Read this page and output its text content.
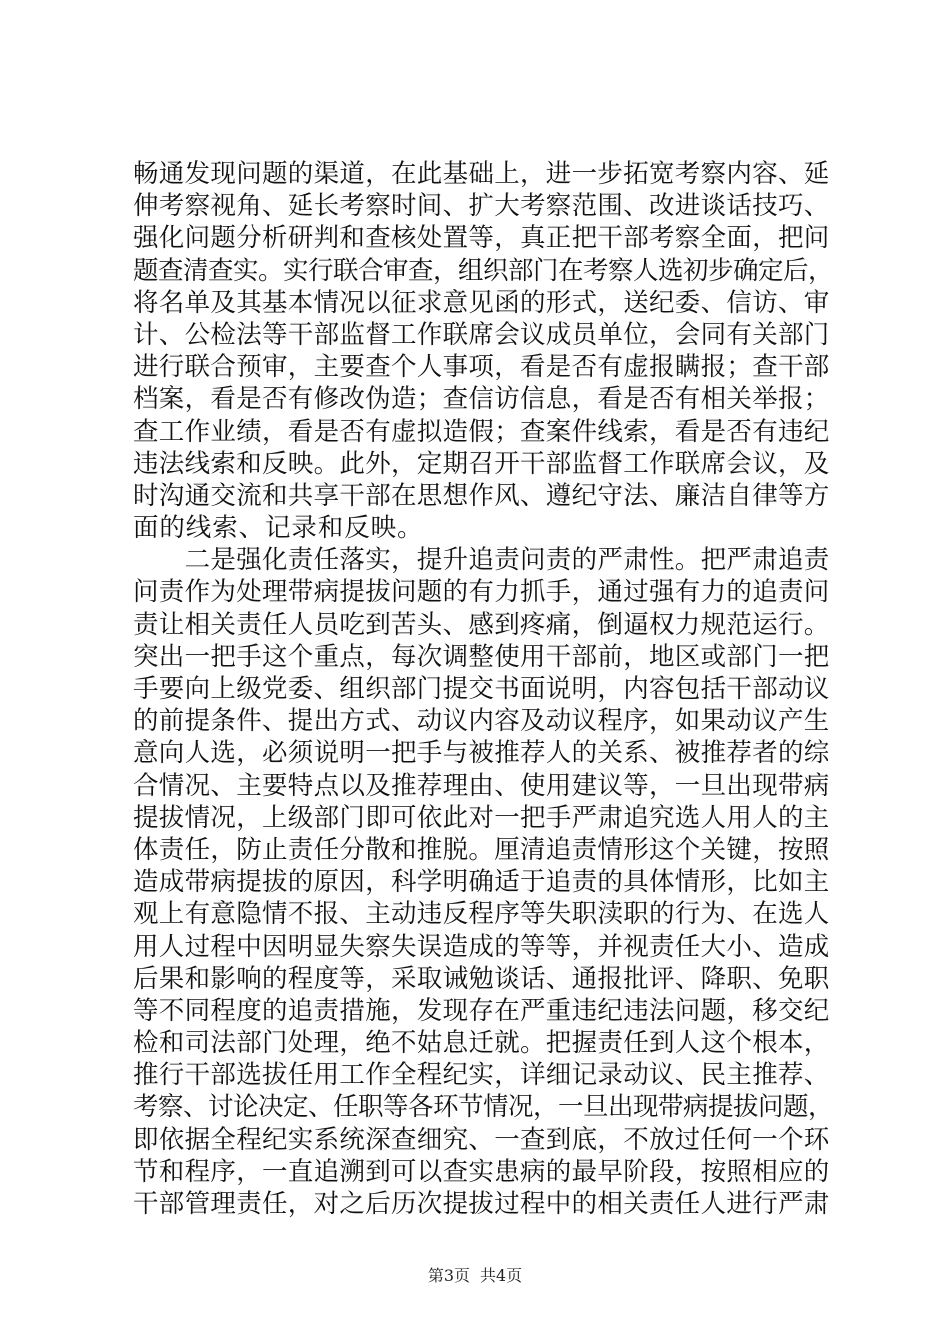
畅通发现问题的渠道，在此基础上，进一步拓宽考察内容、延
伸考察视角、延长考察时间、扩大考察范围、改进谈话技巧、
强化问题分析研判和查核处置等，真正把干部考察全面，把问
题查清查实。实行联合审查，组织部门在考察人选初步确定后，
将名单及其基本情况以征求意见函的形式，送纪委、信访、审
计、公检法等干部监督工作联席会议成员单位，会同有关部门
进行联合预审，主要查个人事项，看是否有虚报瞒报；查干部
档案，看是否有修改伪造；查信访信息，看是否有相关举报；
查工作业绩，看是否有虚拟造假；查案件线索，看是否有违纪
违法线索和反映。此外，定期召开干部监督工作联席会议，及
时沟通交流和共享干部在思想作风、遵纪守法、廉洁自律等方
面的线索、记录和反映。
　　二是强化责任落实，提升追责问责的严肃性。把严肃追责
问责作为处理带病提拔问题的有力抓手，通过强有力的追责问
责让相关责任人员吃到苦头、感到疼痛，倒逼权力规范运行。
突出一把手这个重点，每次调整使用干部前，地区或部门一把
手要向上级党委、组织部门提交书面说明，内容包括干部动议
的前提条件、提出方式、动议内容及动议程序，如果动议产生
意向人选，必须说明一把手与被推荐人的关系、被推荐者的综
合情况、主要特点以及推荐理由、使用建议等，一旦出现带病
提拔情况，上级部门即可依此对一把手严肃追究选人用人的主
体责任，防止责任分散和推脱。厘清追责情形这个关键，按照
造成带病提拔的原因，科学明确适于追责的具体情形，比如主
观上有意隐情不报、主动违反程序等失职渎职的行为、在选人
用人过程中因明显失察失误造成的等等，并视责任大小、造成
后果和影响的程度等，采取诫勉谈话、通报批评、降职、免职
等不同程度的追责措施，发现存在严重违纪违法问题，移交纪
检和司法部门处理，绝不姑息迁就。把握责任到人这个根本，
推行干部选拔任用工作全程纪实，详细记录动议、民主推荐、
考察、讨论决定、任职等各环节情况，一旦出现带病提拔问题，
即依据全程纪实系统深查细究、一查到底，不放过任何一个环
节和程序，一直追溯到可以查实患病的最早阶段，按照相应的
干部管理责任，对之后历次提拔过程中的相关责任人进行严肃
第3页 共4页
